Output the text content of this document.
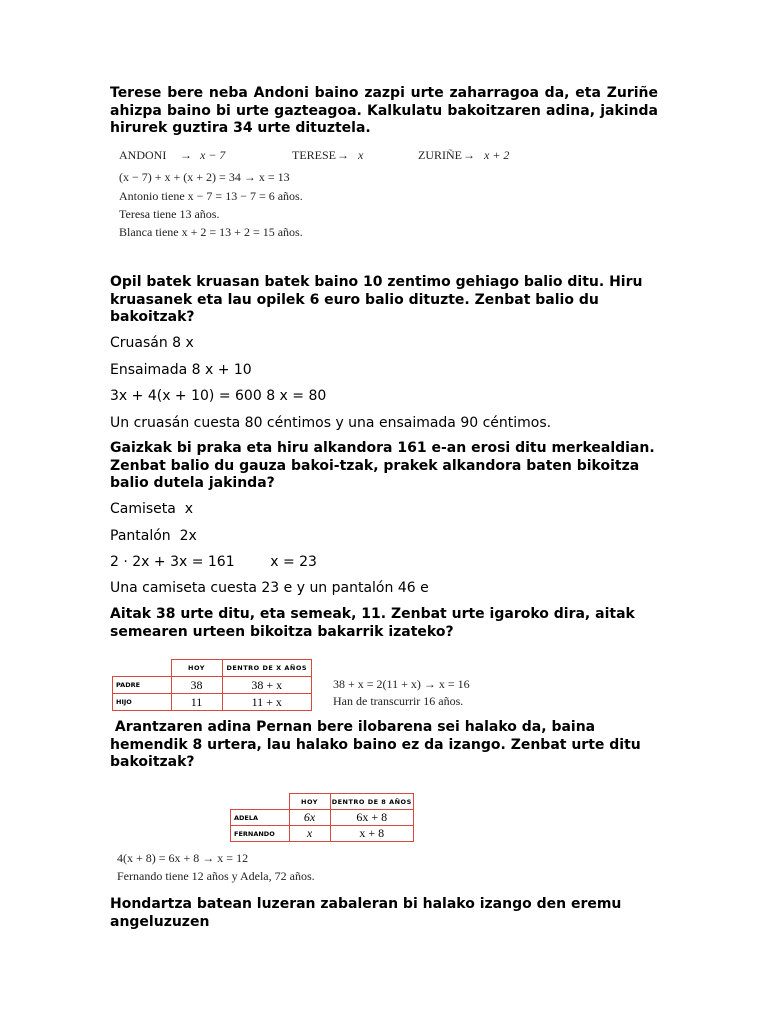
Terese bere neba Andoni baino zazpi urte zaharragoa da, eta Zuriñe ahizpa baino bi urte gazteagoa. Kalkulatu bakoitzaren adina, jakinda hirurek guztira 34 urte dituztela.
ANDONI → x − 7	TERESE → x	ZURIÑE → x + 2
(x − 7) + x + (x + 2) = 34 → x = 13
Antonio tiene x − 7 = 13 − 7 = 6 años.
Teresa tiene 13 años.
Blanca tiene x + 2 = 13 + 2 = 15 años.
Opil batek kruasan batek baino 10 zentimo gehiago balio ditu. Hiru kruasanek eta lau opilek 6 euro balio dituzte. Zenbat balio du bakoitzak?
Cruasán 8 x
Ensaimada 8 x + 10
3x + 4(x + 10) = 600 8 x = 80
Un cruasán cuesta 80 céntimos y una ensaimada 90 céntimos.
Gaizkak bi praka eta hiru alkandora 161 e-an erosi ditu merkealdian. Zenbat balio du gauza bakoi-tzak, prakek alkandora baten bikoitza balio dutela jakinda?
Camiseta  x
Pantalón  2x
2 · 2x + 3x = 161        x = 23
Una camiseta cuesta 23 e y un pantalón 46 e
Aitak 38 urte ditu, eta semeak, 11. Zenbat urte igaroko dira, aitak semearen urteen bikoitza bakarrik izateko?
	HOY	DENTRO DE X AÑOS
PADRE	38	38 + x
HIJO	11	11 + x
38 + x = 2(11 + x) → x = 16
Han de transcurrir 16 años.
Arantzaren adina Pernan bere ilobarena sei halako da, baina hemendik 8 urtera, lau halako baino ez da izango. Zenbat urte ditu bakoitzak?
	HOY	DENTRO DE 8 AÑOS
ADELA	6x	6x + 8
FERNANDO	x	x + 8
4(x + 8) = 6x + 8 → x = 12
Fernando tiene 12 años y Adela, 72 años.
Hondartza batean luzeran zabaleran bi halako izango den eremu angeluzuzen
